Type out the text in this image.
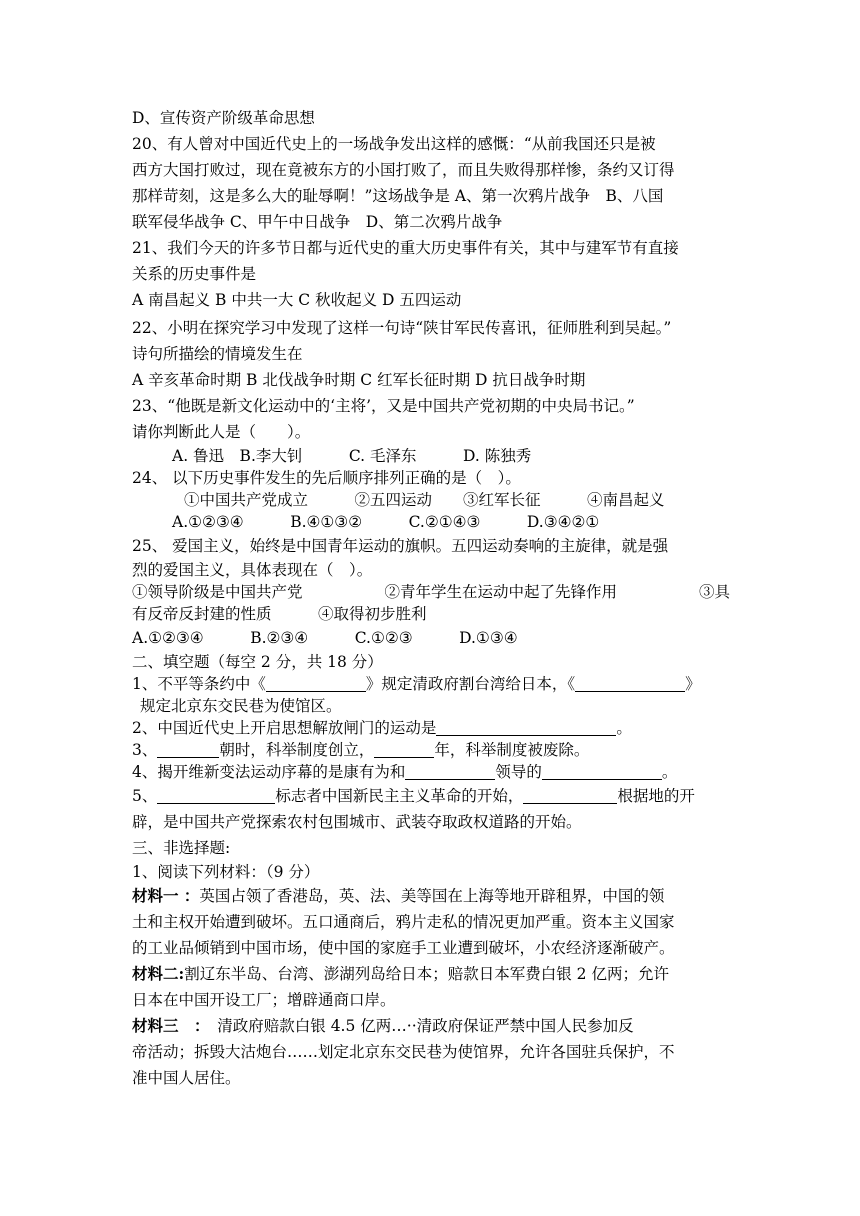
D、宣传资产阶级革命思想
20、有人曾对中国近代史上的一场战争发出这样的感慨：“从前我国还只是被
西方大国打败过，现在竟被东方的小国打败了，而且失败得那样惨，条约又订得
那样苛刻，这是多么大的耻辱啊！”这场战争是 A、第一次鸦片战争　B、八国
联军侵华战争 C、甲午中日战争　D、第二次鸦片战争
21、我们今天的许多节日都与近代史的重大历史事件有关，其中与建军节有直接
关系的历史事件是
A 南昌起义 B 中共一大 C 秋收起义 D 五四运动
22、小明在探究学习中发现了这样一句诗“陕甘军民传喜讯，征师胜利到吴起。”
诗句所描绘的情境发生在
A 辛亥革命时期 B 北伐战争时期 C 红军长征时期 D 抗日战争时期
23、“他既是新文化运动中的‘主将’，又是中国共产党初期的中央局书记。”
请你判断此人是（　　）。
A. 鲁迅　B.李大钊　　　C. 毛泽东　　　D. 陈独秀
24、 以下历史事件发生的先后顺序排列正确的是（　）。
①中国共产党成立　　　②五四运动　　③红军长征　　　④南昌起义
A.①②③④　　　B.④①③②　　　C.②①④③　　　D.③④②①
25、 爱国主义，始终是中国青年运动的旗帜。五四运动奏响的主旋律，就是强
烈的爱国主义，具体表现在（　）。
①领导阶级是中国共产党	②青年学生在运动中起了先锋作用	③具
有反帝反封建的性质　　　④取得初步胜利
A.①②③④　　　B.②③④　　　C.①②③　　　D.①③④
二、填空题（每空 2 分，共 18 分）
1、不平等条约中《	》规定清政府割台湾给日本，《	》
规定北京东交民巷为使馆区。
2、中国近代史上开启思想解放闸门的运动是	。
3、	朝时，科举制度创立，	年，科举制度被废除。
4、揭开维新变法运动序幕的是康有为和	领导的	。
5、	标志者中国新民主主义革命的开始，	根据地的开
辟，是中国共产党探索农村包围城市、武装夺取政权道路的开始。
三、非选择题:
1、阅读下列材料：（9 分）
材料一 ：英国占领了香港岛，英、法、美等国在上海等地开辟租界，中国的领
土和主权开始遭到破坏。五口通商后，鸦片走私的情况更加严重。资本主义国家
的工业品倾销到中国市场，使中国的家庭手工业遭到破坏，小农经济逐渐破产。
材料二:割辽东半岛、台湾、澎湖列岛给日本；赔款日本军费白银 2 亿两；允许
日本在中国开设工厂；增辟通商口岸。
材料三　：　清政府赔款白银 4.5 亿两…··清政府保证严禁中国人民参加反
帝活动；拆毁大沽炮台……划定北京东交民巷为使馆界，允许各国驻兵保护，不
准中国人居住。
